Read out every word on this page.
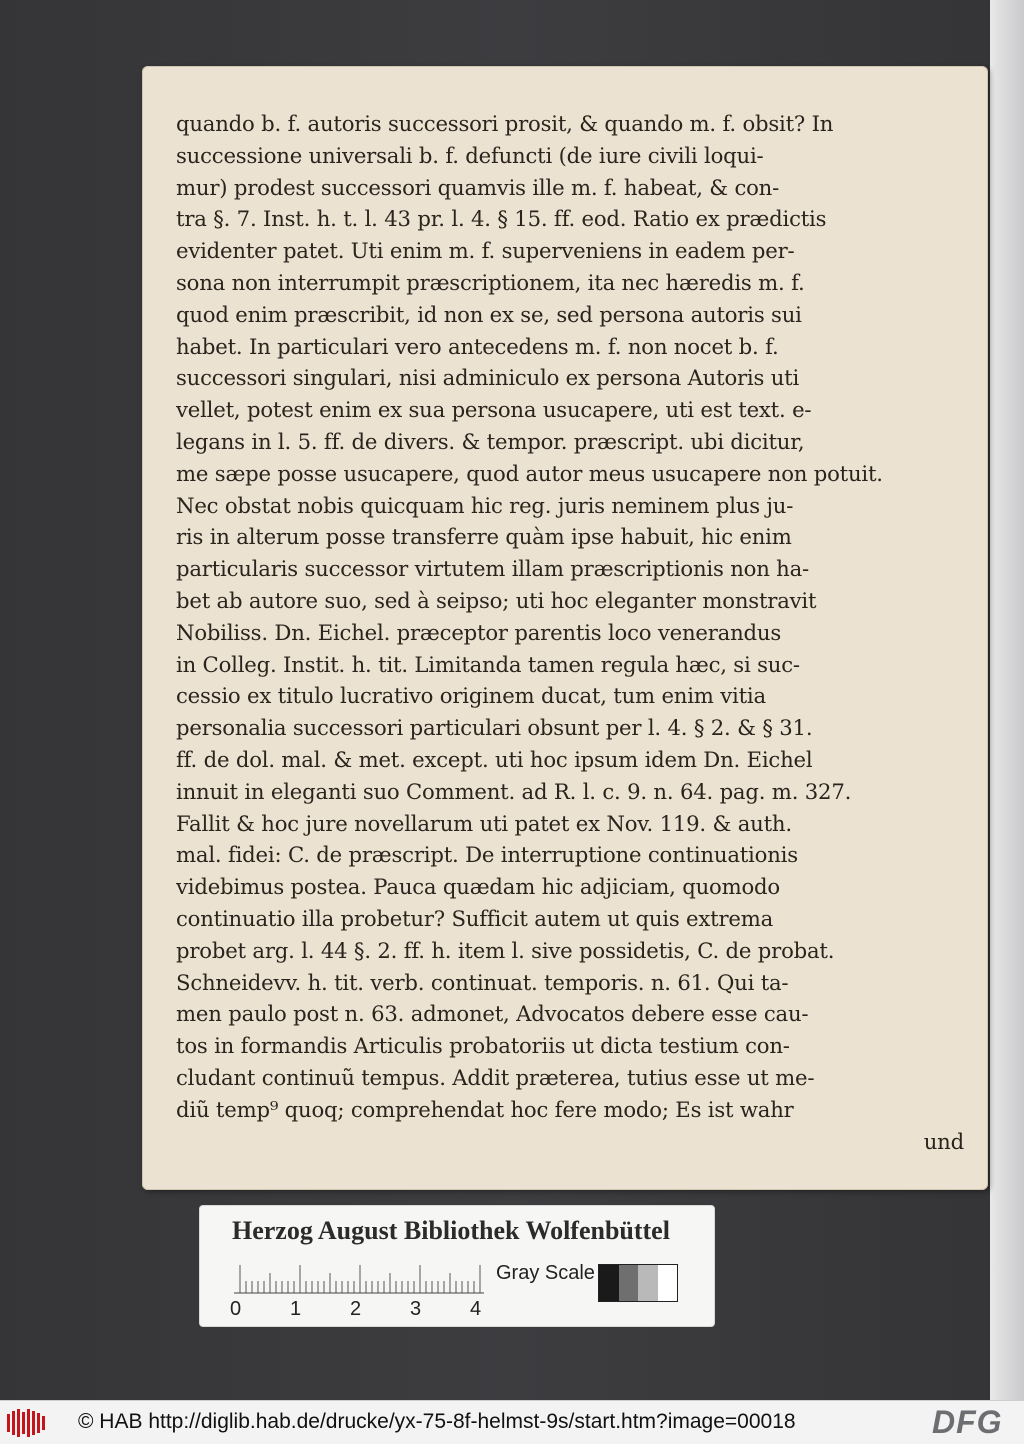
quando b. f. autoris successori prosit, & quando m. f. obsit? In
successione universali b. f. defuncti (de iure civili loqui-
mur) prodest successori quamvis ille m. f. habeat, & con-
tra §. 7. Inst. h. t. l. 43 pr. l. 4. § 15. ff. eod. Ratio ex prædictis
evidenter patet. Uti enim m. f. superveniens in eadem per-
sona non interrumpit præscriptionem, ita nec hæredis m. f.
quod enim præscribit, id non ex se, sed persona autoris sui
habet. In particulari vero antecedens m. f. non nocet b. f.
successori singulari, nisi adminiculo ex persona Autoris uti
vellet, potest enim ex sua persona usucapere, uti est text. e-
legans in l. 5. ff. de divers. & tempor. præscript. ubi dicitur,
me sæpe posse usucapere, quod autor meus usucapere non potuit.
Nec obstat nobis quicquam hic reg. juris neminem plus ju-
ris in alterum posse transferre quàm ipse habuit, hic enim
particularis successor virtutem illam præscriptionis non ha-
bet ab autore suo, sed à seipso; uti hoc eleganter monstravit
Nobiliss. Dn. Eichel. præceptor parentis loco venerandus
in Colleg. Instit. h. tit. Limitanda tamen regula hæc, si suc-
cessio ex titulo lucrativo originem ducat, tum enim vitia
personalia successori particulari obsunt per l. 4. § 2. & § 31.
ff. de dol. mal. & met. except. uti hoc ipsum idem Dn. Eichel
innuit in eleganti suo Comment. ad R. l. c. 9. n. 64. pag. m. 327.
Fallit & hoc jure novellarum uti patet ex Nov. 119. & auth.
mal. fidei: C. de præscript. De interruptione continuationis
videbimus postea. Pauca quædam hic adjiciam, quomodo
continuatio illa probetur? Sufficit autem ut quis extrema
probet arg. l. 44 §. 2. ff. h. item l. sive possidetis, C. de probat.
Schneidevv. h. tit. verb. continuat. temporis. n. 61. Qui ta-
men paulo post n. 63. admonet, Advocatos debere esse cau-
tos in formandis Articulis probatoriis ut dicta testium con-
cludant continuũ tempus. Addit præterea, tutius esse ut me-
diũ temp⁹ quoq; comprehendat hoc fere modo; Es ist wahr
und
Herzog August Bibliothek Wolfenbüttel
0 1 2 3 4
Gray Scale
© HAB http://diglib.hab.de/drucke/yx-75-8f-helmst-9s/start.htm?image=00018	DFG
